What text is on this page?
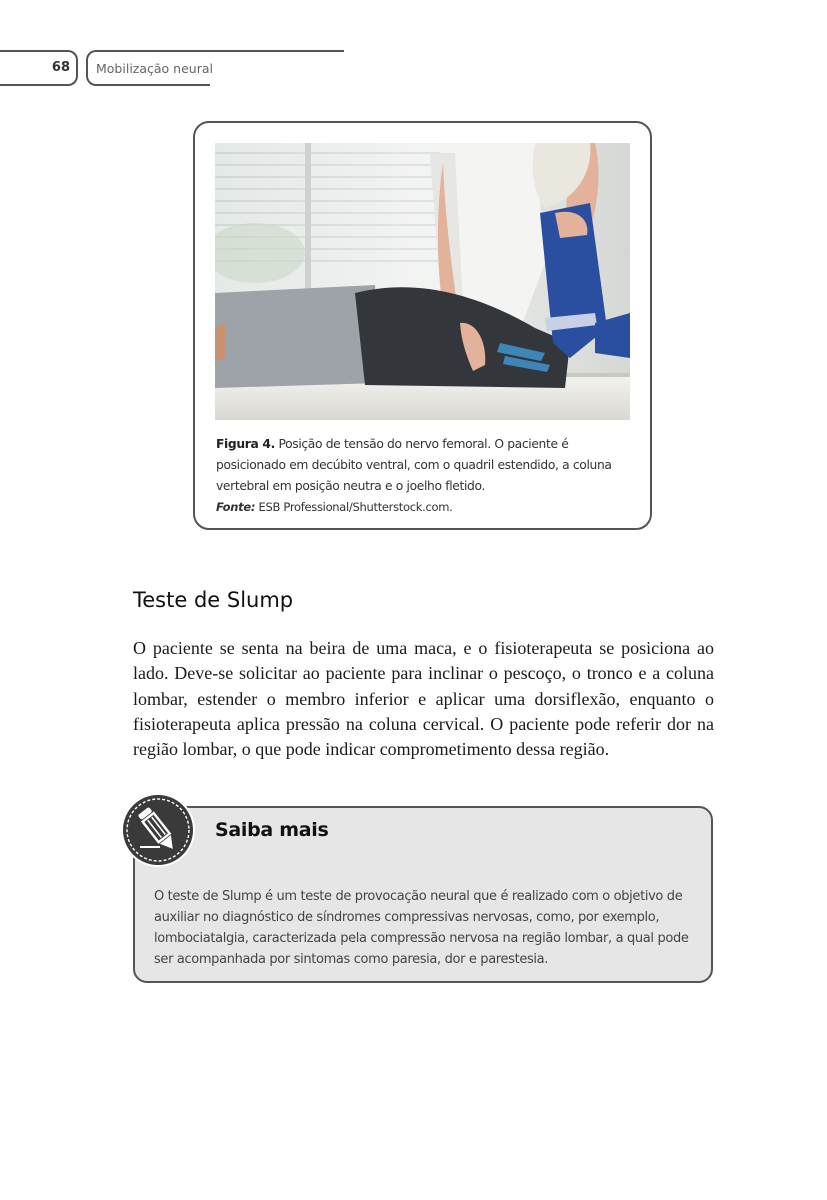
68 Mobilização neural
Figura 4. Posição de tensão do nervo femoral. O paciente é posicionado em decúbito ventral, com o quadril estendido, a coluna vertebral em posição neutra e o joelho fletido.
Fonte: ESB Professional/Shutterstock.com.
Teste de Slump

O paciente se senta na beira de uma maca, e o fisioterapeuta se posiciona ao lado. Deve-se solicitar ao paciente para inclinar o pescoço, o tronco e a coluna lombar, estender o membro inferior e aplicar uma dorsiflexão, enquanto o fisioterapeuta aplica pressão na coluna cervical. O paciente pode referir dor na região lombar, o que pode indicar comprometimento dessa região.

Saiba mais

O teste de Slump é um teste de provocação neural que é realizado com o objetivo de auxiliar no diagnóstico de síndromes compressivas nervosas, como, por exemplo, lombociatalgia, caracterizada pela compressão nervosa na região lombar, a qual pode ser acompanhada por sintomas como paresia, dor e parestesia.
